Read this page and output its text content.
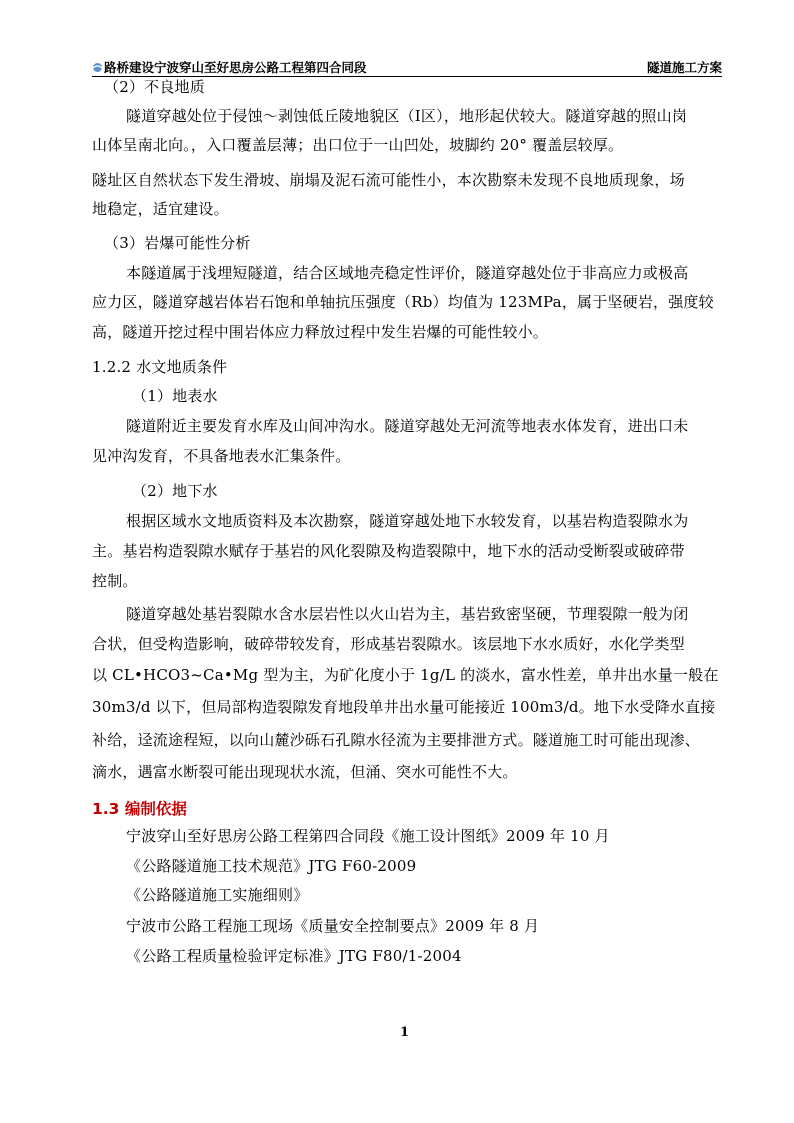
路桥建设宁波穿山至好思房公路工程第四合同段	隧道施工方案
（2）不良地质
隧道穿越处位于侵蚀～剥蚀低丘陵地貌区（Ⅰ区），地形起伏较大。隧道穿越的照山岗
山体呈南北向。，入口覆盖层薄；出口位于一山凹处，坡脚约 20° 覆盖层较厚。
隧址区自然状态下发生滑坡、崩塌及泥石流可能性小，本次勘察未发现不良地质现象，场
地稳定，适宜建设。
（3）岩爆可能性分析
本隧道属于浅埋短隧道，结合区域地壳稳定性评价，隧道穿越处位于非高应力或极高
应力区，隧道穿越岩体岩石饱和单轴抗压强度（Rb）均值为 123MPa，属于坚硬岩，强度较
高，隧道开挖过程中围岩体应力释放过程中发生岩爆的可能性较小。
1.2.2 水文地质条件
（1）地表水
隧道附近主要发育水库及山间冲沟水。隧道穿越处无河流等地表水体发育，进出口未
见冲沟发育，不具备地表水汇集条件。
（2）地下水
根据区域水文地质资料及本次勘察，隧道穿越处地下水较发育，以基岩构造裂隙水为
主。基岩构造裂隙水赋存于基岩的风化裂隙及构造裂隙中，地下水的活动受断裂或破碎带
控制。
隧道穿越处基岩裂隙水含水层岩性以火山岩为主，基岩致密坚硬，节理裂隙一般为闭
合状，但受构造影响，破碎带较发育，形成基岩裂隙水。该层地下水水质好，水化学类型
以 CL•HCO3~Ca•Mg 型为主，为矿化度小于 1g/L 的淡水，富水性差，单井出水量一般在
30m3/d 以下，但局部构造裂隙发育地段单井出水量可能接近 100m3/d。地下水受降水直接
补给，迳流途程短，以向山麓沙砾石孔隙水径流为主要排泄方式。隧道施工时可能出现渗、
滴水，遇富水断裂可能出现现状水流，但涌、突水可能性不大。
1.3 编制依据
宁波穿山至好思房公路工程第四合同段《施工设计图纸》2009 年 10 月
《公路隧道施工技术规范》JTG F60-2009
《公路隧道施工实施细则》
宁波市公路工程施工现场《质量安全控制要点》2009 年 8 月
《公路工程质量检验评定标准》JTG F80/1-2004
1
